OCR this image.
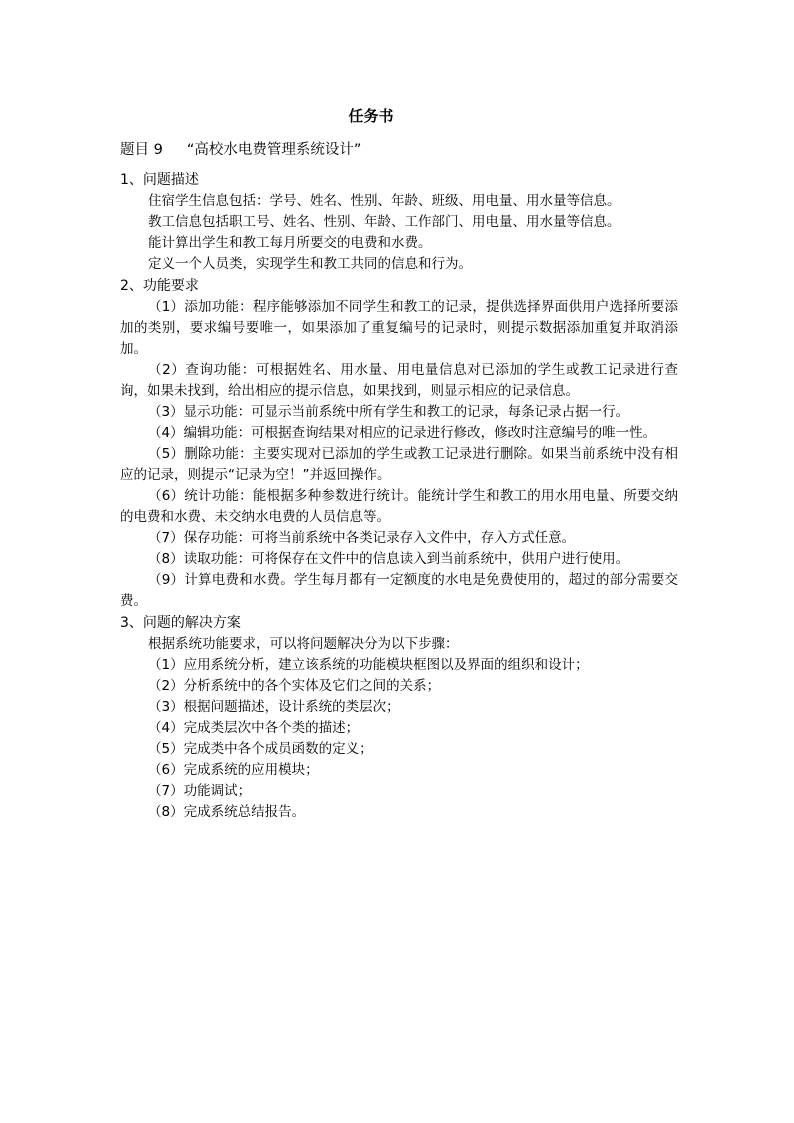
任务书
题目 9 “高校水电费管理系统设计”
1、问题描述
住宿学生信息包括：学号、姓名、性别、年龄、班级、用电量、用水量等信息。
教工信息包括职工号、姓名、性别、年龄、工作部门、用电量、用水量等信息。
能计算出学生和教工每月所要交的电费和水费。
定义一个人员类，实现学生和教工共同的信息和行为。
2、功能要求
（1）添加功能：程序能够添加不同学生和教工的记录，提供选择界面供用户选择所要添加的类别，要求编号要唯一，如果添加了重复编号的记录时，则提示数据添加重复并取消添加。
（2）查询功能：可根据姓名、用水量、用电量信息对已添加的学生或教工记录进行查询，如果未找到，给出相应的提示信息，如果找到，则显示相应的记录信息。
（3）显示功能：可显示当前系统中所有学生和教工的记录，每条记录占据一行。
（4）编辑功能：可根据查询结果对相应的记录进行修改，修改时注意编号的唯一性。
（5）删除功能：主要实现对已添加的学生或教工记录进行删除。如果当前系统中没有相应的记录，则提示“记录为空！”并返回操作。
（6）统计功能：能根据多种参数进行统计。能统计学生和教工的用水用电量、所要交纳的电费和水费、未交纳水电费的人员信息等。
（7）保存功能：可将当前系统中各类记录存入文件中，存入方式任意。
（8）读取功能：可将保存在文件中的信息读入到当前系统中，供用户进行使用。
（9）计算电费和水费。学生每月都有一定额度的水电是免费使用的，超过的部分需要交费。
3、问题的解决方案
根据系统功能要求，可以将问题解决分为以下步骤：
（1）应用系统分析，建立该系统的功能模块框图以及界面的组织和设计；
（2）分析系统中的各个实体及它们之间的关系；
（3）根据问题描述，设计系统的类层次；
（4）完成类层次中各个类的描述；
（5）完成类中各个成员函数的定义；
（6）完成系统的应用模块；
（7）功能调试；
（8）完成系统总结报告。
